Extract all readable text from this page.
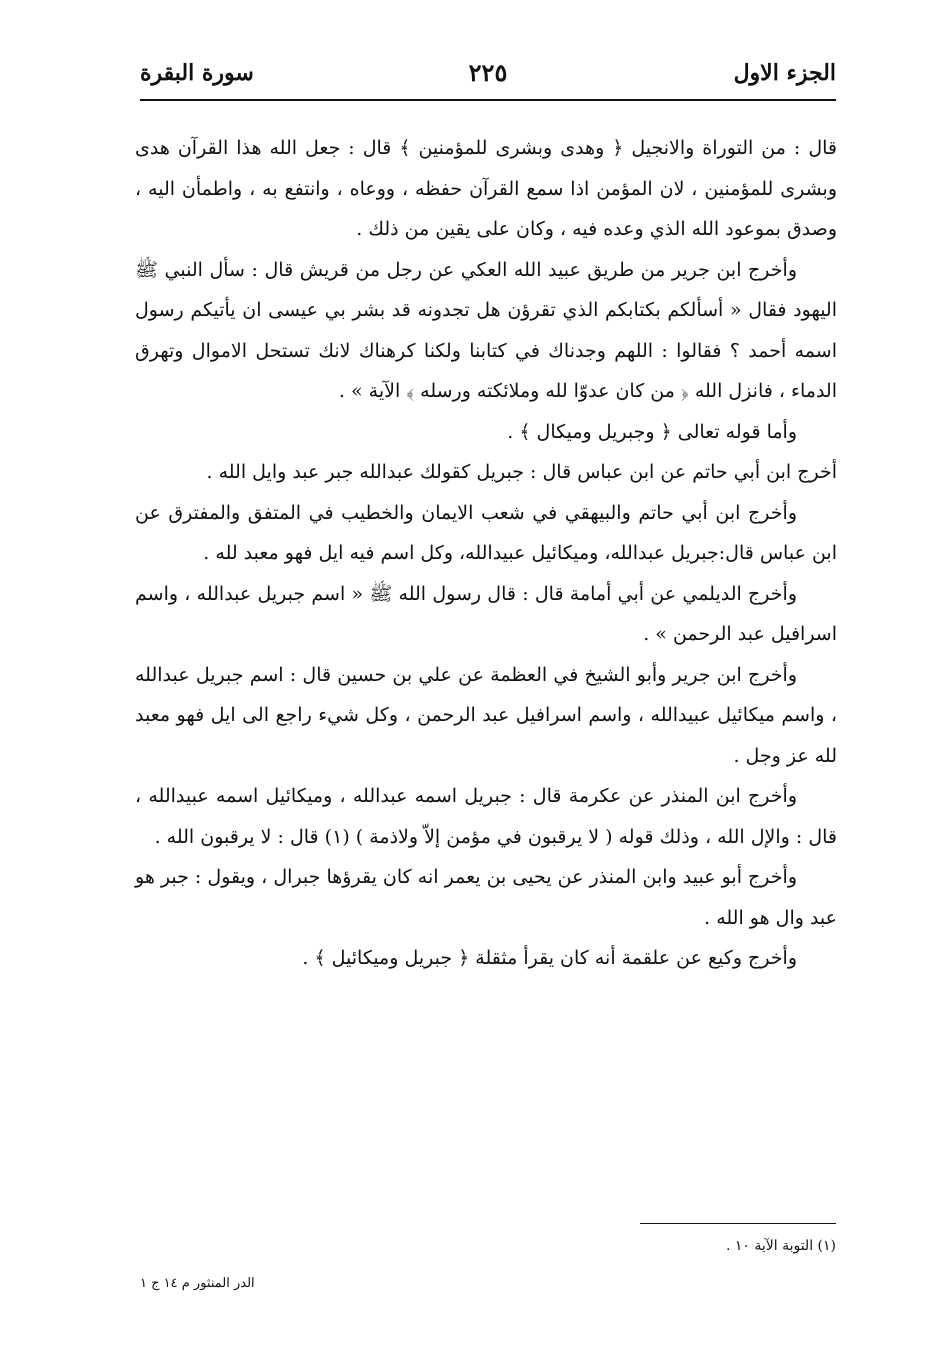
الجزء الاول
٢٢٥
سورة البقرة

قال : من التوراة والانجيل ﴿ وهدى وبشرى للمؤمنين ﴾ قال : جعل الله هذا القرآن هدى وبشرى للمؤمنين ، لان المؤمن اذا سمع القرآن حفظه ، ووعاه ، وانتفع به ، واطمأن اليه ، وصدق بموعود الله الذي وعده فيه ، وكان على يقين من ذلك .

وأخرج ابن جرير من طريق عبيد الله العكي عن رجل من قريش قال : سأل النبي ﷺ اليهود فقال « أسألكم بكتابكم الذي تقرؤن هل تجدونه قد بشر بي عيسى ان يأتيكم رسول اسمه أحمد ؟ فقالوا : اللهم وجدناك في كتابنا ولكنا كرهناك لانك تستحل الاموال وتهرق الدماء ، فانزل الله ﴿ من كان عدوّا لله وملائكته ورسله ﴾ الآية » .

وأما قوله تعالى ﴿ وجبريل وميكال ﴾ .

أخرج ابن أبي حاتم عن ابن عباس قال : جبريل كقولك عبدالله جبر عبد وايل الله .

وأخرج ابن أبي حاتم والبيهقي في شعب الايمان والخطيب في المتفق والمفترق عن ابن عباس قال:جبريل عبدالله، وميكائيل عبيدالله، وكل اسم فيه ايل فهو معبد لله .

وأخرج الديلمي عن أبي أمامة قال : قال رسول الله ﷺ « اسم جبريل عبدالله ، واسم اسرافيل عبد الرحمن » .

وأخرج ابن جرير وأبو الشيخ في العظمة عن علي بن حسين قال : اسم جبريل عبدالله ، واسم ميكائيل عبيدالله ، واسم اسرافيل عبد الرحمن ، وكل شيء راجع الى ايل فهو معبد لله عز وجل .

وأخرج ابن المنذر عن عكرمة قال : جبريل اسمه عبدالله ، وميكائيل اسمه عبيدالله ، قال : والإل الله ، وذلك قوله ( لا يرقبون في مؤمن إلاّ ولاذمة ) (١) قال : لا يرقبون الله .

وأخرج أبو عبيد وابن المنذر عن يحيى بن يعمر انه كان يقرؤها جبرال ، ويقول : جبر هو عبد وال هو الله .

وأخرج وكيع عن علقمة أنه كان يقرأ مثقلة ﴿ جبريل وميكائيل ﴾ .

(١) التوبة الآية ١٠ .
الدر المنثور م ١٤ ج ١
